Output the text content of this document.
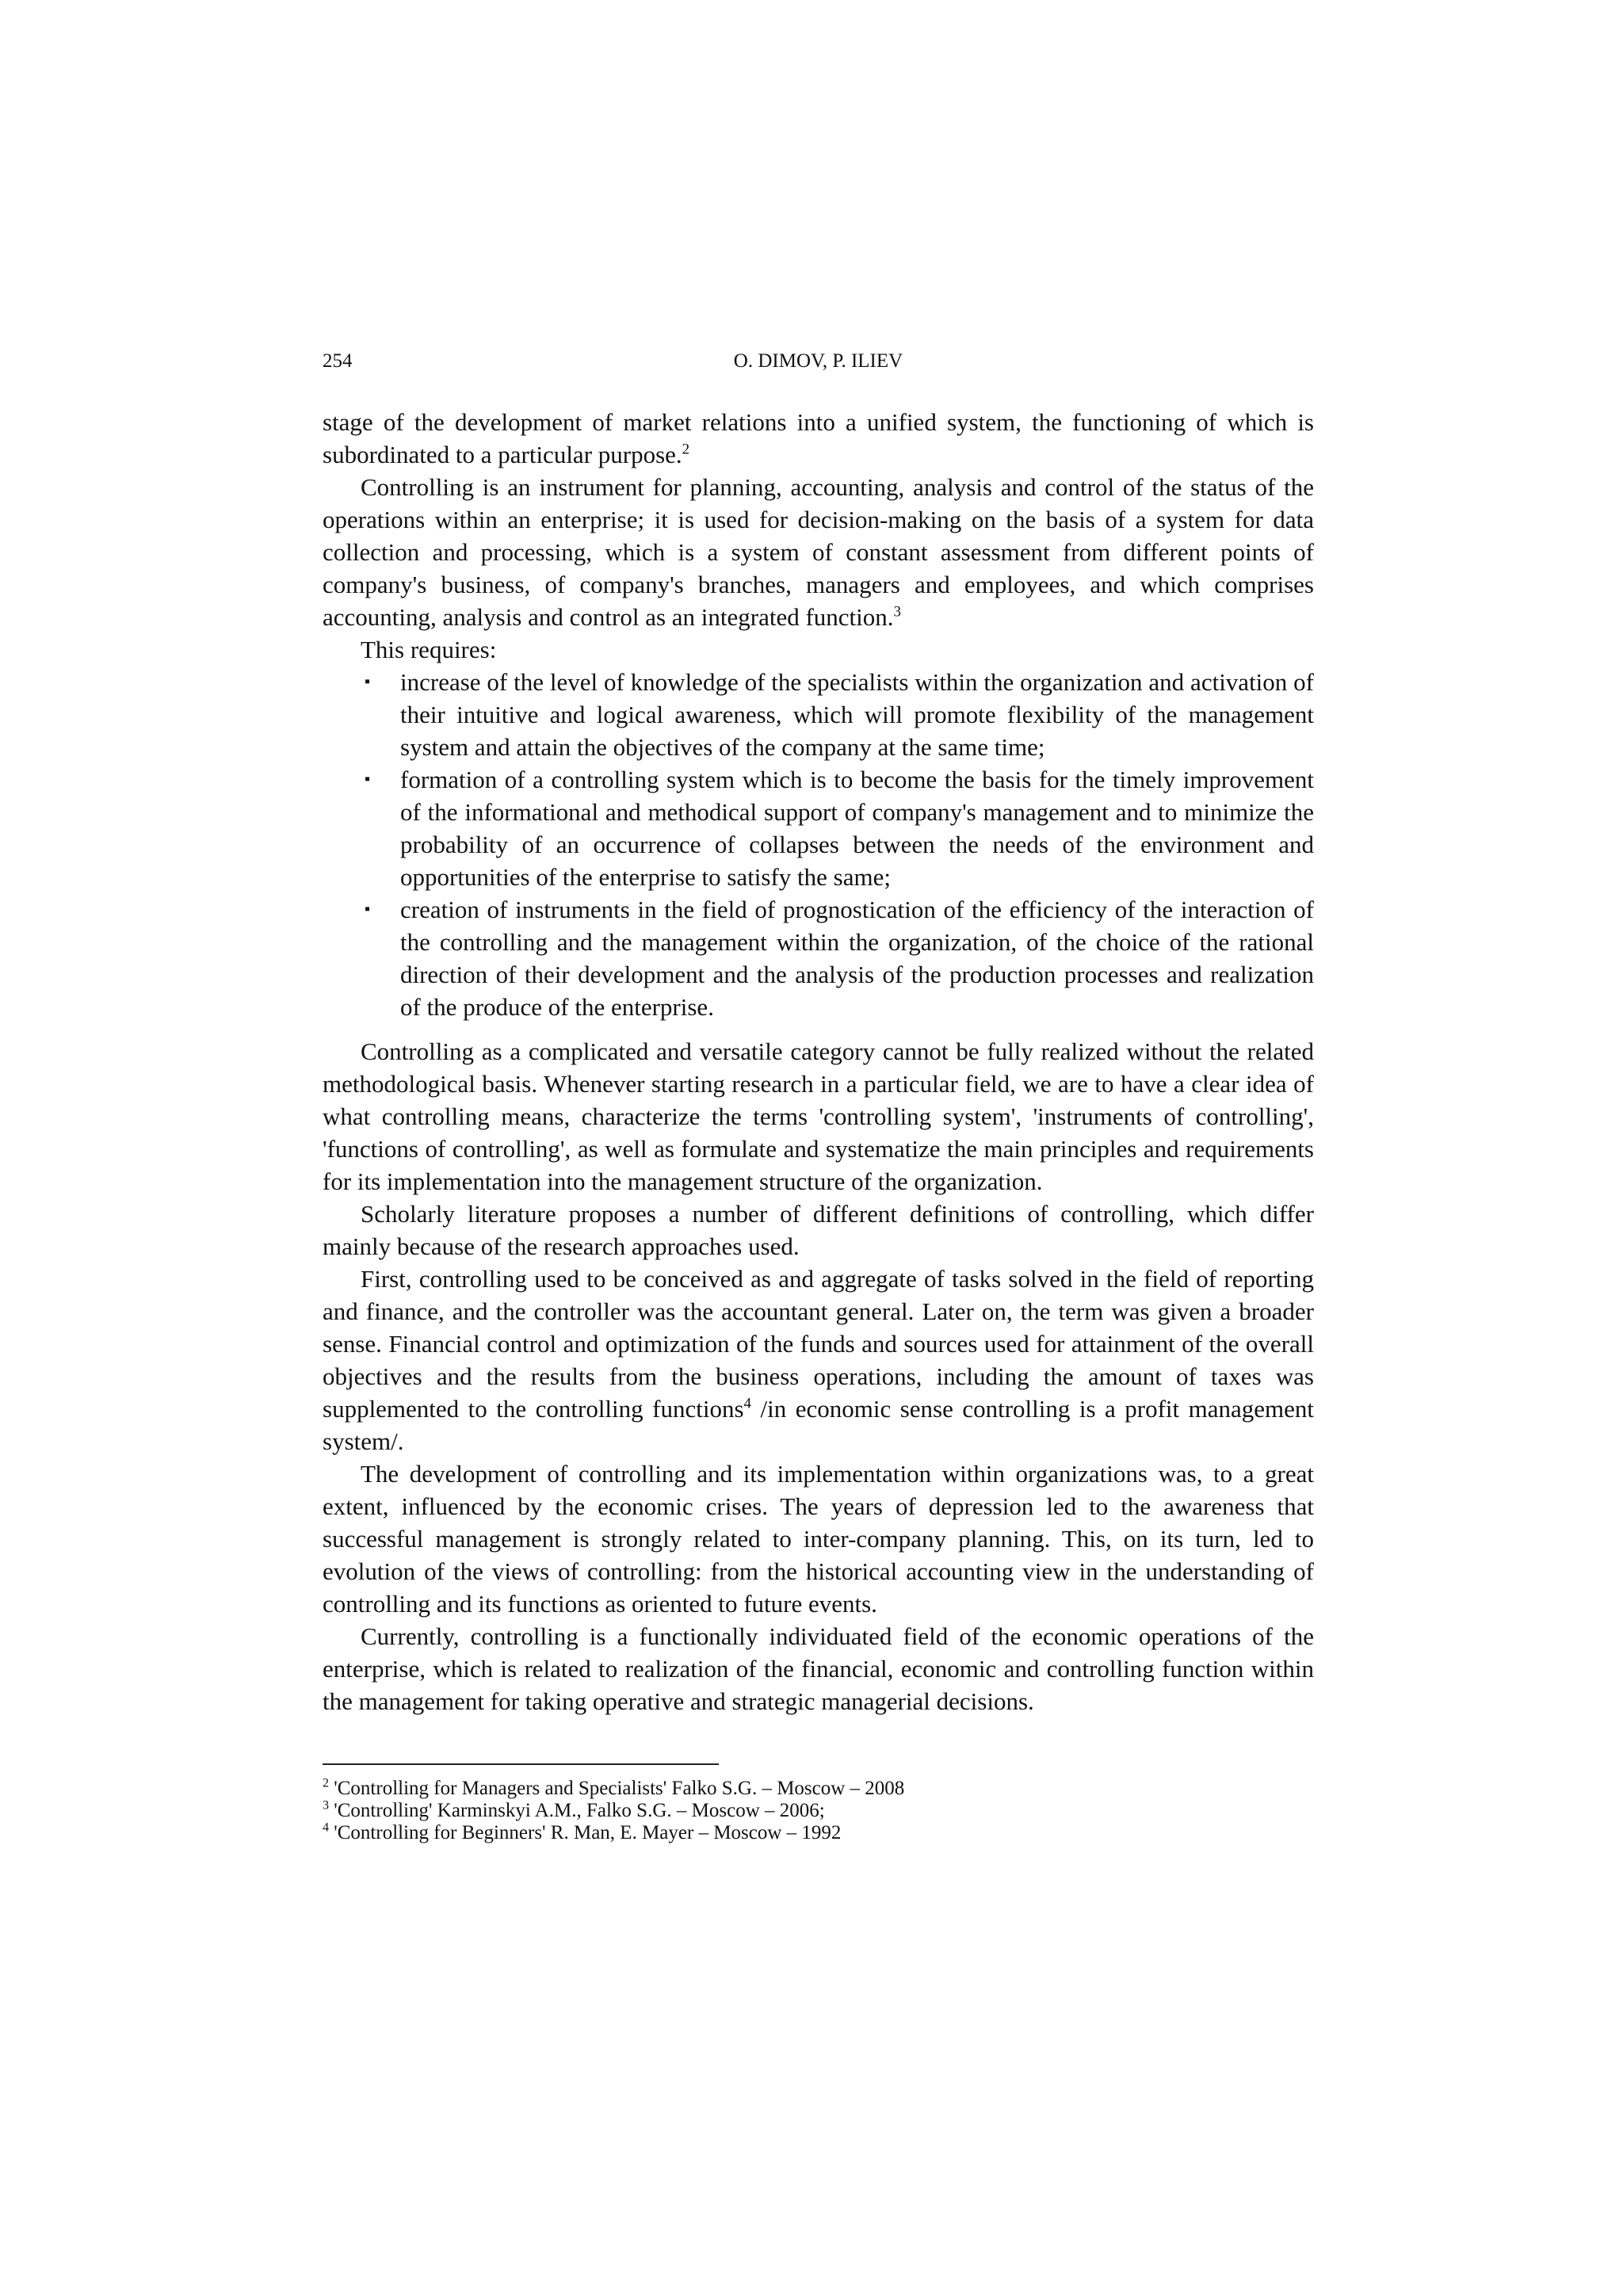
254	O. DIMOV, P. ILIEV

stage of the development of market relations into a unified system, the functioning of which is subordinated to a particular purpose.$^2$

Controlling is an instrument for planning, accounting, analysis and control of the status of the operations within an enterprise; it is used for decision-making on the basis of a system for data collection and processing, which is a system of constant assessment from different points of company's business, of company's branches, managers and employees, and which comprises accounting, analysis and control as an integrated function.$^3$

This requires:

▪ increase of the level of knowledge of the specialists within the organization and activation of their intuitive and logical awareness, which will promote flexibility of the management system and attain the objectives of the company at the same time;
▪ formation of a controlling system which is to become the basis for the timely improvement of the informational and methodical support of company's management and to minimize the probability of an occurrence of collapses between the needs of the environment and opportunities of the enterprise to satisfy the same;
▪ creation of instruments in the field of prognostication of the efficiency of the interaction of the controlling and the management within the organization, of the choice of the rational direction of their development and the analysis of the production processes and realization of the produce of the enterprise.

Controlling as a complicated and versatile category cannot be fully realized without the related methodological basis. Whenever starting research in a particular field, we are to have a clear idea of what controlling means, characterize the terms 'controlling system', 'instruments of controlling', 'functions of controlling', as well as formulate and systematize the main principles and requirements for its implementation into the management structure of the organization.

Scholarly literature proposes a number of different definitions of controlling, which differ mainly because of the research approaches used.

First, controlling used to be conceived as and aggregate of tasks solved in the field of reporting and finance, and the controller was the accountant general. Later on, the term was given a broader sense. Financial control and optimization of the funds and sources used for attainment of the overall objectives and the results from the business operations, including the amount of taxes was supplemented to the controlling functions$^4$ /in economic sense controlling is a profit management system/.

The development of controlling and its implementation within organizations was, to a great extent, influenced by the economic crises. The years of depression led to the awareness that successful management is strongly related to inter-company planning. This, on its turn, led to evolution of the views of controlling: from the historical accounting view in the understanding of controlling and its functions as oriented to future events.

Currently, controlling is a functionally individuated field of the economic operations of the enterprise, which is related to realization of the financial, economic and controlling function within the management for taking operative and strategic managerial decisions.

$^2$ 'Controlling for Managers and Specialists' Falko S.G. – Moscow – 2008
$^3$ 'Controlling' Karminskyi A.M., Falko S.G. – Moscow – 2006;
$^4$ 'Controlling for Beginners' R. Man, E. Mayer – Moscow – 1992
